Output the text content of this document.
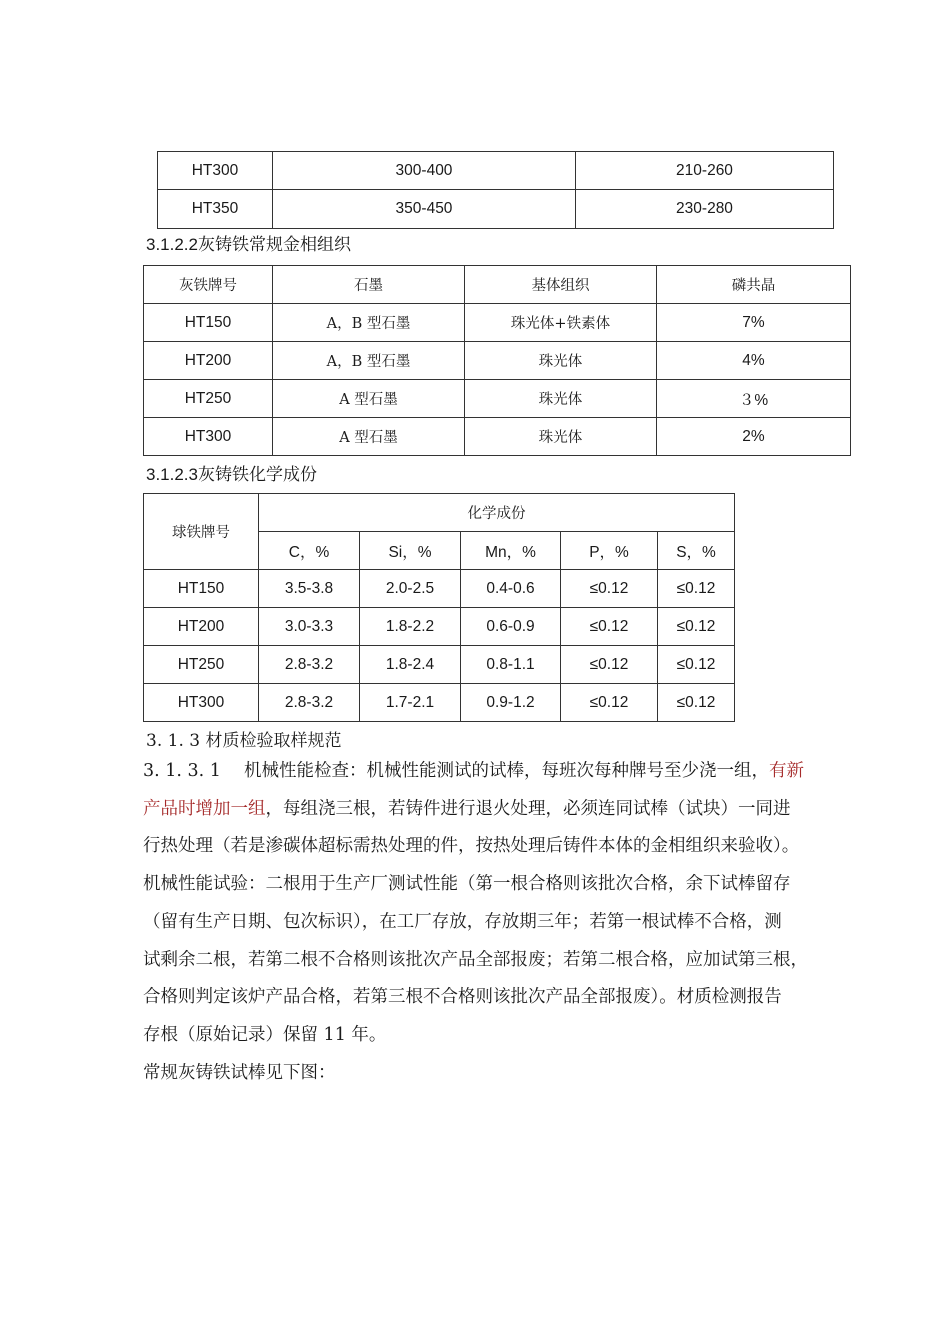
HT300	300-400	210-260
HT350	350-450	230-280
3.1.2.2灰铸铁常规金相组织
灰铁牌号	石墨	基体组织	磷共晶
HT150	A，B 型石墨	珠光体+铁素体	7%
HT200	A，B 型石墨	珠光体	4%
HT250	A 型石墨	珠光体	３%
HT300	A 型石墨	珠光体	2%
3.1.2.3灰铸铁化学成份
球铁牌号	化学成份				
	C，%	Si，%	Mn，%	P，%	S，%
HT150	3.5-3.8	2.0-2.5	0.4-0.6	≤0.12	≤0.12
HT200	3.0-3.3	1.8-2.2	0.6-0.9	≤0.12	≤0.12
HT250	2.8-3.2	1.8-2.4	0.8-1.1	≤0.12	≤0.12
HT300	2.8-3.2	1.7-2.1	0.9-1.2	≤0.12	≤0.12
3. 1. 3 材质检验取样规范

3. 1. 3. 1　 机械性能检查：机械性能测试的试棒，每班次每种牌号至少浇一组，有新

产品时增加一组，每组浇三根，若铸件进行退火处理，必须连同试棒（试块）一同进

行热处理（若是渗碳体超标需热处理的件，按热处理后铸件本体的金相组织来验收）。

机械性能试验：二根用于生产厂测试性能（第一根合格则该批次合格，余下试棒留存

（留有生产日期、包次标识），在工厂存放，存放期三年；若第一根试棒不合格，测

试剩余二根，若第二根不合格则该批次产品全部报废；若第二根合格，应加试第三根，

合格则判定该炉产品合格，若第三根不合格则该批次产品全部报废）。材质检测报告

存根（原始记录）保留 11 年。

常规灰铸铁试棒见下图：
